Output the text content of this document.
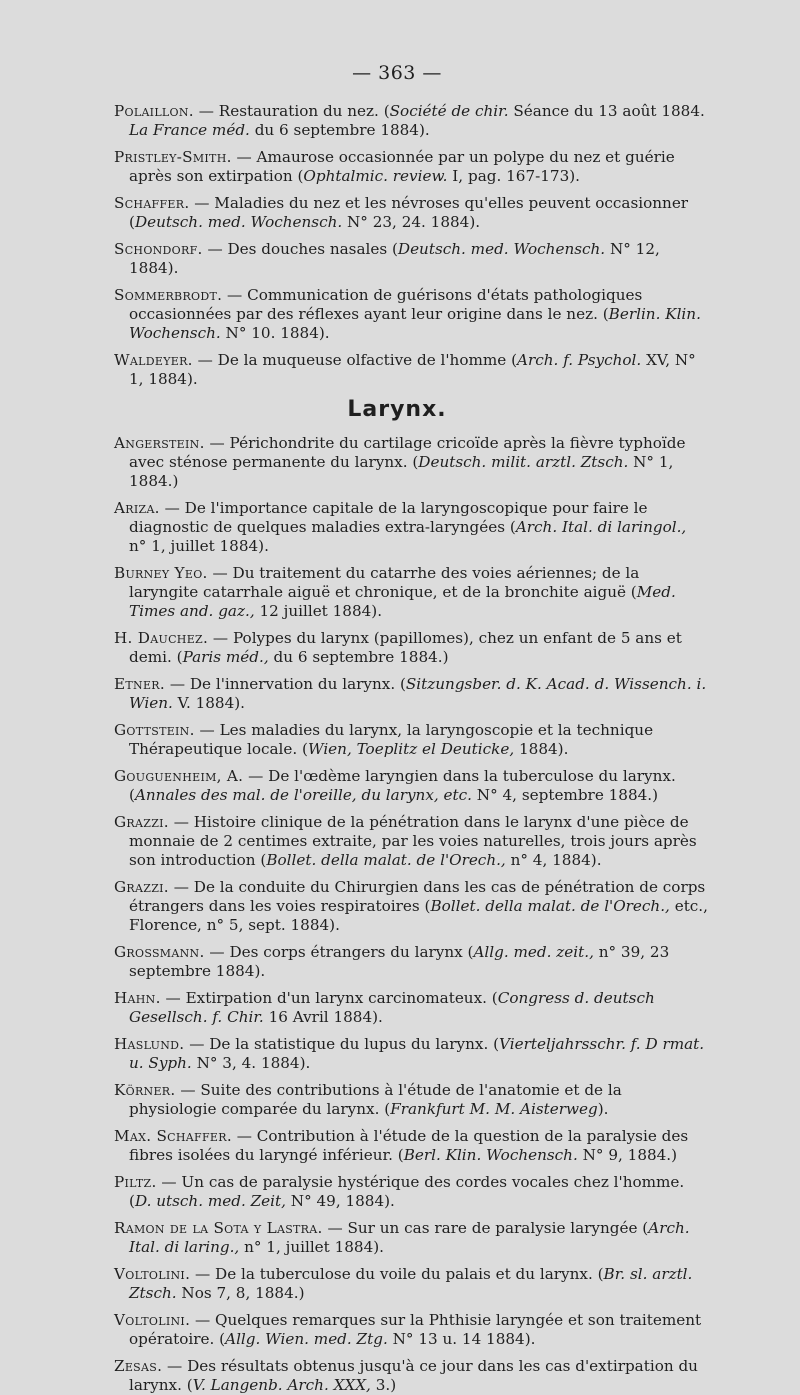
— 363 —

Polaillon. — Restauration du nez. (Société de chir. Séance du 13 août 1884. La France méd. du 6 septembre 1884).

Pristley-Smith. — Amaurose occasionnée par un polype du nez et guérie après son extirpation (Ophtalmic. review. I, pag. 167-173).

Schaffer. — Maladies du nez et les névroses qu'elles peuvent occasionner (Deutsch. med. Wochensch. N° 23, 24. 1884).

Schondorf. — Des douches nasales (Deutsch. med. Wochensch. N° 12, 1884).

Sommerbrodt. — Communication de guérisons d'états pathologiques occasionnées par des réflexes ayant leur origine dans le nez. (Berlin. Klin. Wochensch. N° 10. 1884).

Waldeyer. — De la muqueuse olfactive de l'homme (Arch. f. Psychol. XV, N° 1, 1884).

Larynx.

Angerstein. — Périchondrite du cartilage cricoïde après la fièvre typhoïde avec sténose permanente du larynx. (Deutsch. milit. arztl. Ztsch. N° 1, 1884.)

Ariza. — De l'importance capitale de la laryngoscopique pour faire le diagnostic de quelques maladies extra-laryngées (Arch. Ital. di laringol., n° 1, juillet 1884).

Burney Yeo. — Du traitement du catarrhe des voies aériennes; de la laryngite catarrhale aiguë et chronique, et de la bronchite aiguë (Med. Times and. gaz., 12 juillet 1884).

H. Dauchez. — Polypes du larynx (papillomes), chez un enfant de 5 ans et demi. (Paris méd., du 6 septembre 1884.)

Etner. — De l'innervation du larynx. (Sitzungsber. d. K. Acad. d. Wissench. i. Wien. V. 1884).

Gottstein. — Les maladies du larynx, la laryngoscopie et la technique Thérapeutique locale. (Wien, Toeplitz el Deuticke, 1884).

Gouguenheim, A. — De l'œdème laryngien dans la tuberculose du larynx. (Annales des mal. de l'oreille, du larynx, etc. N° 4, septembre 1884.)

Grazzi. — Histoire clinique de la pénétration dans le larynx d'une pièce de monnaie de 2 centimes extraite, par les voies naturelles, trois jours après son introduction (Bollet. della malat. de l'Orech., n° 4, 1884).

Grazzi. — De la conduite du Chirurgien dans les cas de pénétration de corps étrangers dans les voies respiratoires (Bollet. della malat. de l'Orech., etc., Florence, n° 5, sept. 1884).

Grossmann. — Des corps étrangers du larynx (Allg. med. zeit., n° 39, 23 septembre 1884).

Hahn. — Extirpation d'un larynx carcinomateux. (Congress d. deutsch Gesellsch. f. Chir. 16 Avril 1884).

Haslund. — De la statistique du lupus du larynx. (Vierteljahrsschr. f. D rmat. u. Syph. N° 3, 4. 1884).

Körner. — Suite des contributions à l'étude de l'anatomie et de la physiologie comparée du larynx. (Frankfurt M. M. Aisterweg).

Max. Schaffer. — Contribution à l'étude de la question de la paralysie des fibres isolées du laryngé inférieur. (Berl. Klin. Wochensch. N° 9, 1884.)

Piltz. — Un cas de paralysie hystérique des cordes vocales chez l'homme. (D. utsch. med. Zeit, N° 49, 1884).

Ramon de la Sota y Lastra. — Sur un cas rare de paralysie laryngée (Arch. Ital. di laring., n° 1, juillet 1884).

Voltolini. — De la tuberculose du voile du palais et du larynx. (Br. sl. arztl. Ztsch. Nos 7, 8, 1884.)

Voltolini. — Quelques remarques sur la Phthisie laryngée et son traitement opératoire. (Allg. Wien. med. Ztg. N° 13 u. 14 1884).

Zesas. — Des résultats obtenus jusqu'à ce jour dans les cas d'extirpation du larynx. (V. Langenb. Arch. XXX, 3.)
